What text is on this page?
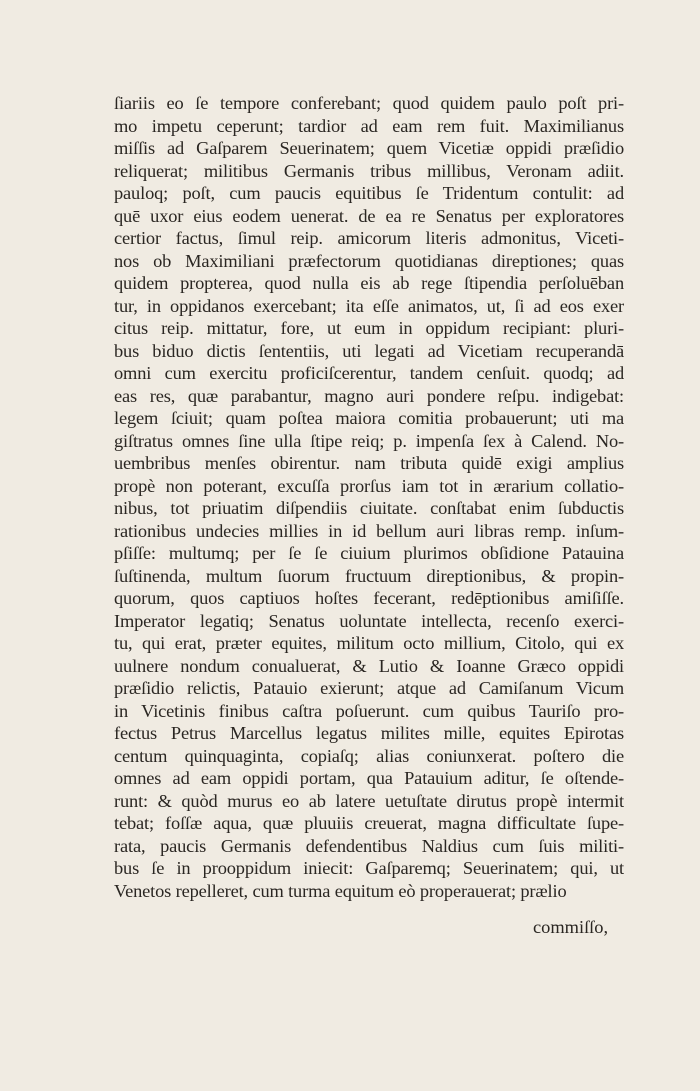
ſiariis eo ſe tempore conferebant; quod quidem paulo poſt pri-
mo impetu ceperunt; tardior ad eam rem fuit. Maximilianus
miſſis ad Gaſparem Seuerinatem; quem Vicetiæ oppidi præſidio
reliquerat; militibus Germanis tribus millibus, Veronam adiit.
pauloq; poſt, cum paucis equitibus ſe Tridentum contulit: ad
quē uxor eius eodem uenerat. de ea re Senatus per exploratores
certior factus, ſimul reip. amicorum literis admonitus, Viceti-
nos ob Maximiliani præfectorum quotidianas direptiones; quas
quidem propterea, quod nulla eis ab rege ſtipendia perſoluēban
tur, in oppidanos exercebant; ita eſſe animatos, ut, ſi ad eos exer
citus reip. mittatur, fore, ut eum in oppidum recipiant: pluri-
bus biduo dictis ſententiis, uti legati ad Vicetiam recuperandā
omni cum exercitu proficiſcerentur, tandem cenſuit. quodq; ad
eas res, quæ parabantur, magno auri pondere reſpu. indigebat:
legem ſciuit; quam poſtea maiora comitia probauerunt; uti ma
giſtratus omnes ſine ulla ſtipe reiq; p. impenſa ſex à Calend. No-
uembribus menſes obirentur. nam tributa quidē exigi amplius
propè non poterant, excuſſa prorſus iam tot in ærarium collatio-
nibus, tot priuatim diſpendiis ciuitate. conſtabat enim ſubductis
rationibus undecies millies in id bellum auri libras remp. inſum-
pſiſſe: multumq; per ſe ſe ciuium plurimos obſidione Patauina
ſuſtinenda, multum ſuorum fructuum direptionibus, & propin-
quorum, quos captiuos hoſtes fecerant, redēptionibus amiſiſſe.
Imperator legatiq; Senatus uoluntate intellecta, recenſo exerci-
tu, qui erat, præter equites, militum octo millium, Citolo, qui ex
uulnere nondum conualuerat, & Lutio & Ioanne Græco oppidi
præſidio relictis, Patauio exierunt; atque ad Camiſanum Vicum
in Vicetinis finibus caſtra poſuerunt. cum quibus Tauriſo pro-
fectus Petrus Marcellus legatus milites mille, equites Epirotas
centum quinquaginta, copiaſq; alias coniunxerat. poſtero die
omnes ad eam oppidi portam, qua Patauium aditur, ſe oſtende-
runt: & quòd murus eo ab latere uetuſtate dirutus propè intermit
tebat; foſſæ aqua, quæ pluuiis creuerat, magna difficultate ſupe-
rata, paucis Germanis defendentibus Naldius cum ſuis militi-
bus ſe in prooppidum iniecit: Gaſparemq; Seuerinatem; qui, ut
Venetos repelleret, cum turma equitum eò properauerat; prælio
commiſſo,
